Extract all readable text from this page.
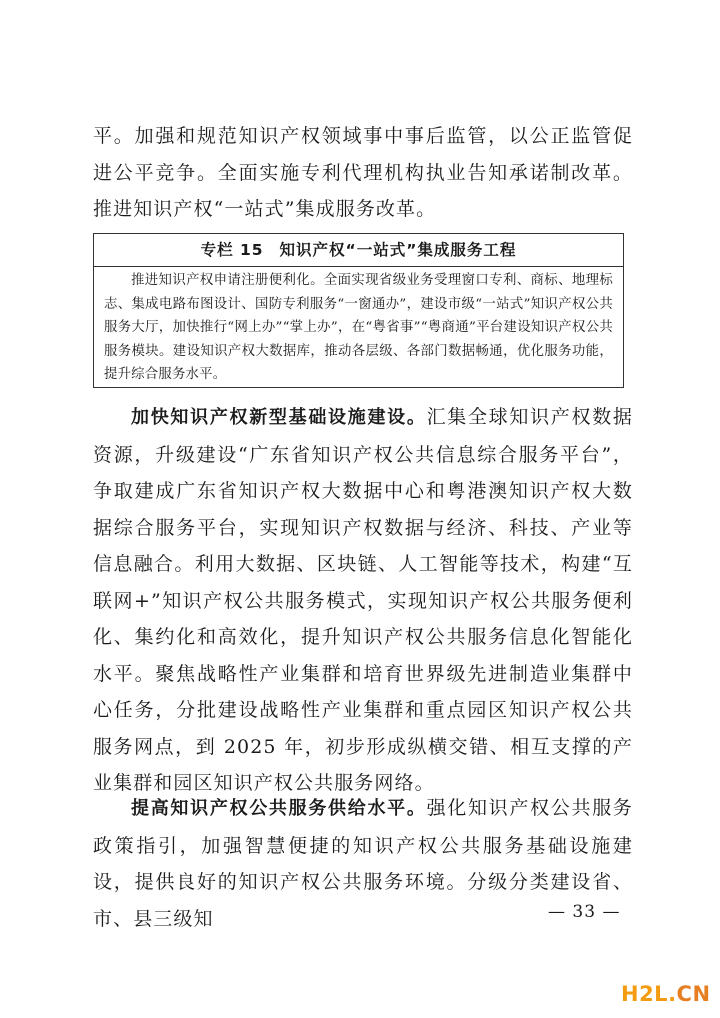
平。加强和规范知识产权领域事中事后监管，以公正监管促进公平竞争。全面实施专利代理机构执业告知承诺制改革。推进知识产权“一站式”集成服务改革。

专栏 15 知识产权“一站式”集成服务工程
推进知识产权申请注册便利化。全面实现省级业务受理窗口专利、商标、地理标志、集成电路布图设计、国防专利服务“一窗通办”，建设市级“一站式”知识产权公共服务大厅，加快推行“网上办”“掌上办”，在“粤省事”“粤商通”平台建设知识产权公共服务模块。建设知识产权大数据库，推动各层级、各部门数据畅通，优化服务功能，提升综合服务水平。

加快知识产权新型基础设施建设。汇集全球知识产权数据资源，升级建设“广东省知识产权公共信息综合服务平台”，争取建成广东省知识产权大数据中心和粤港澳知识产权大数据综合服务平台，实现知识产权数据与经济、科技、产业等信息融合。利用大数据、区块链、人工智能等技术，构建“互联网+”知识产权公共服务模式，实现知识产权公共服务便利化、集约化和高效化，提升知识产权公共服务信息化智能化水平。聚焦战略性产业集群和培育世界级先进制造业集群中心任务，分批建设战略性产业集群和重点园区知识产权公共服务网点，到 2025 年，初步形成纵横交错、相互支撑的产业集群和园区知识产权公共服务网络。

提高知识产权公共服务供给水平。强化知识产权公共服务政策指引，加强智慧便捷的知识产权公共服务基础设施建设，提供良好的知识产权公共服务环境。分级分类建设省、市、县三级知	— 33 —
H2L.CN
